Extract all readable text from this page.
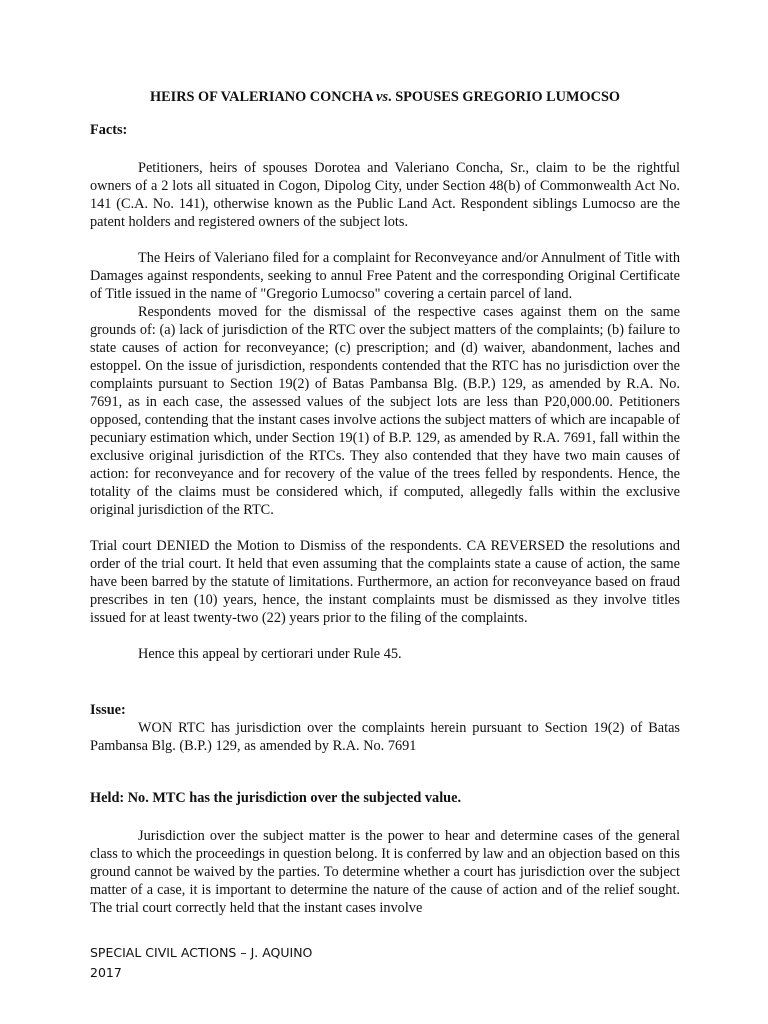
HEIRS OF VALERIANO CONCHA vs. SPOUSES GREGORIO LUMOCSO

Facts:

Petitioners, heirs of spouses Dorotea and Valeriano Concha, Sr., claim to be the rightful owners of a 2 lots all situated in Cogon, Dipolog City, under Section 48(b) of Commonwealth Act No. 141 (C.A. No. 141), otherwise known as the Public Land Act. Respondent siblings Lumocso are the patent holders and registered owners of the subject lots.

The Heirs of Valeriano filed for a complaint for Reconveyance and/or Annulment of Title with Damages against respondents, seeking to annul Free Patent and the corresponding Original Certificate of Title issued in the name of "Gregorio Lumocso" covering a certain parcel of land.

Respondents moved for the dismissal of the respective cases against them on the same grounds of: (a) lack of jurisdiction of the RTC over the subject matters of the complaints; (b) failure to state causes of action for reconveyance; (c) prescription; and (d) waiver, abandonment, laches and estoppel. On the issue of jurisdiction, respondents contended that the RTC has no jurisdiction over the complaints pursuant to Section 19(2) of Batas Pambansa Blg. (B.P.) 129, as amended by R.A. No. 7691, as in each case, the assessed values of the subject lots are less than P20,000.00. Petitioners opposed, contending that the instant cases involve actions the subject matters of which are incapable of pecuniary estimation which, under Section 19(1) of B.P. 129, as amended by R.A. 7691, fall within the exclusive original jurisdiction of the RTCs. They also contended that they have two main causes of action: for reconveyance and for recovery of the value of the trees felled by respondents. Hence, the totality of the claims must be considered which, if computed, allegedly falls within the exclusive original jurisdiction of the RTC.

Trial court DENIED the Motion to Dismiss of the respondents. CA REVERSED the resolutions and order of the trial court. It held that even assuming that the complaints state a cause of action, the same have been barred by the statute of limitations. Furthermore, an action for reconveyance based on fraud prescribes in ten (10) years, hence, the instant complaints must be dismissed as they involve titles issued for at least twenty-two (22) years prior to the filing of the complaints.

Hence this appeal by certiorari under Rule 45.

Issue:

WON RTC has jurisdiction over the complaints herein pursuant to Section 19(2) of Batas Pambansa Blg. (B.P.) 129, as amended by R.A. No. 7691

Held: No. MTC has the jurisdiction over the subjected value.

Jurisdiction over the subject matter is the power to hear and determine cases of the general class to which the proceedings in question belong. It is conferred by law and an objection based on this ground cannot be waived by the parties. To determine whether a court has jurisdiction over the subject matter of a case, it is important to determine the nature of the cause of action and of the relief sought. The trial court correctly held that the instant cases involve

SPECIAL CIVIL ACTIONS – J. AQUINO
2017
